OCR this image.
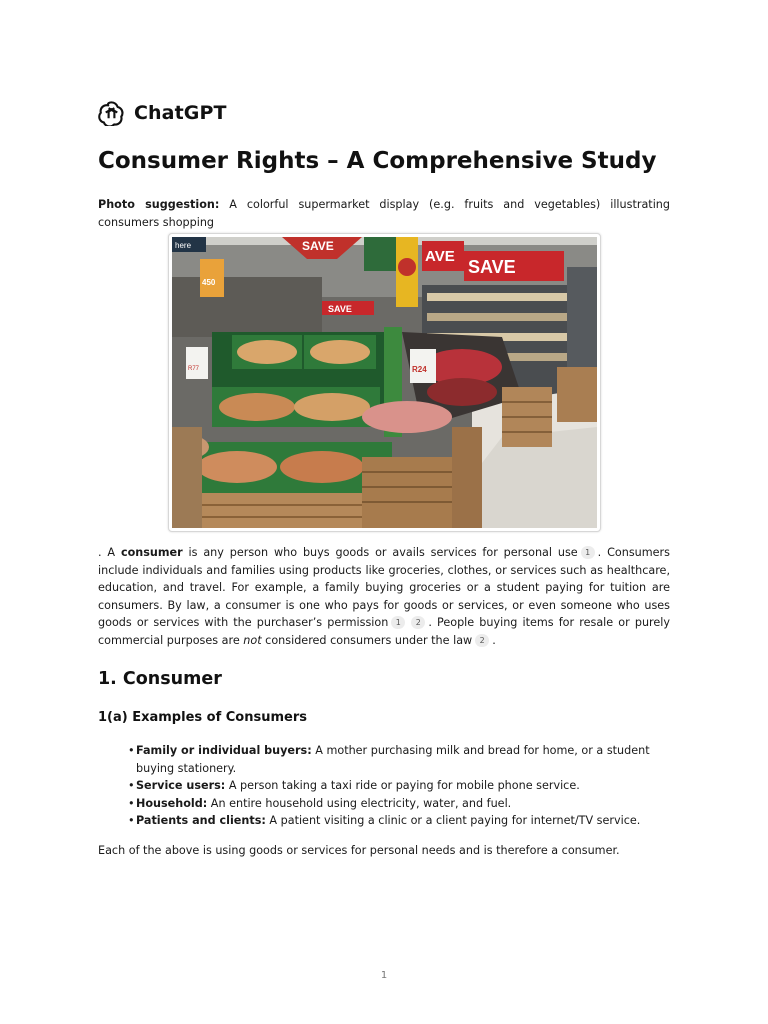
ChatGPT
Consumer Rights – A Comprehensive Study

Photo suggestion: A colorful supermarket display (e.g. fruits and vegetables) illustrating consumers shopping

SAVE
here
AVE
SAVE
450
SAVE
R24
R77

. A consumer is any person who buys goods or avails services for personal use 1 . Consumers include individuals and families using products like groceries, clothes, or services such as healthcare, education, and travel. For example, a family buying groceries or a student paying for tuition are consumers. By law, a consumer is one who pays for goods or services, or even someone who uses goods or services with the purchaser’s permission 1 2 . People buying items for resale or purely commercial purposes are not considered consumers under the law 2 .

1. Consumer
1(a) Examples of Consumers
• Family or individual buyers: A mother purchasing milk and bread for home, or a student buying stationery.
• Service users: A person taking a taxi ride or paying for mobile phone service.
• Household: An entire household using electricity, water, and fuel.
• Patients and clients: A patient visiting a clinic or a client paying for internet/TV service.

Each of the above is using goods or services for personal needs and is therefore a consumer.

1
